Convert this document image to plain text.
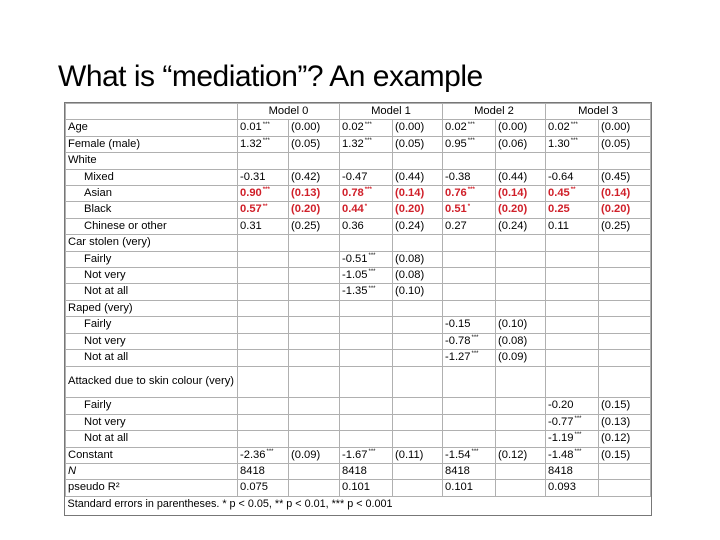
What is “mediation”? An example
	Model 0		Model 1		Model 2		Model 3	
Age	0.01***	(0.00)	0.02***	(0.00)	0.02***	(0.00)	0.02***	(0.00)
Female (male)	1.32***	(0.05)	1.32***	(0.05)	0.95***	(0.06)	1.30***	(0.05)
White								
Mixed	-0.31	(0.42)	-0.47	(0.44)	-0.38	(0.44)	-0.64	(0.45)
Asian	0.90***	(0.13)	0.78***	(0.14)	0.76***	(0.14)	0.45**	(0.14)
Black	0.57**	(0.20)	0.44*	(0.20)	0.51*	(0.20)	0.25	(0.20)
Chinese or other	0.31	(0.25)	0.36	(0.24)	0.27	(0.24)	0.11	(0.25)
Car stolen (very)								
Fairly			-0.51***	(0.08)				
Not very			-1.05***	(0.08)				
Not at all			-1.35***	(0.10)				
Raped (very)								
Fairly					-0.15	(0.10)		
Not very					-0.78***	(0.08)		
Not at all					-1.27***	(0.09)		
Attacked due to skin colour (very)								
Fairly							-0.20	(0.15)
Not very							-0.77***	(0.13)
Not at all							-1.19***	(0.12)
Constant	-2.36***	(0.09)	-1.67***	(0.11)	-1.54***	(0.12)	-1.48***	(0.15)
N	8418		8418		8418		8418	
pseudo R²	0.075		0.101		0.101		0.093	
Standard errors in parentheses. * p < 0.05, ** p < 0.01, *** p < 0.001								
